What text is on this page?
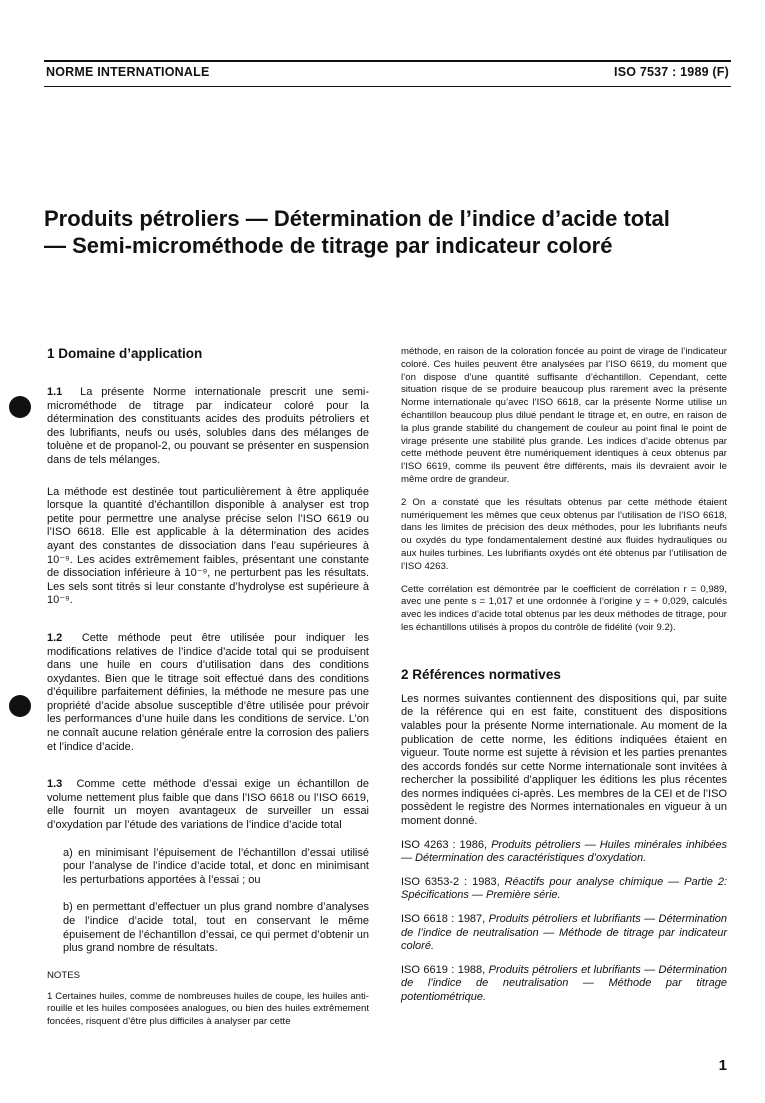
NORME INTERNATIONALE	ISO 7537 : 1989 (F)
Produits pétroliers — Détermination de l’indice d’acide total — Semi-microméthode de titrage par indicateur coloré

1 Domaine d’application

1.1 La présente Norme internationale prescrit une semi-microméthode de titrage par indicateur coloré pour la détermination des constituants acides des produits pétroliers et des lubrifiants, neufs ou usés, solubles dans des mélanges de toluène et de propanol-2, ou pouvant se présenter en suspension dans de tels mélanges.

La méthode est destinée tout particulièrement à être appliquée lorsque la quantité d’échantillon disponible à analyser est trop petite pour permettre une analyse précise selon l’ISO 6619 ou l’ISO 6618. Elle est applicable à la détermination des acides ayant des constantes de dissociation dans l’eau supérieures à 10⁻⁹. Les acides extrêmement faibles, présentant une constante de dissociation inférieure à 10⁻⁹, ne perturbent pas les résultats. Les sels sont titrés si leur constante d’hydrolyse est supérieure à 10⁻⁹.

1.2 Cette méthode peut être utilisée pour indiquer les modifications relatives de l’indice d’acide total qui se produisent dans une huile en cours d’utilisation dans des conditions oxydantes. Bien que le titrage soit effectué dans des conditions d’équilibre parfaitement définies, la méthode ne mesure pas une propriété d’acide absolue susceptible d’être utilisée pour prévoir les performances d’une huile dans les conditions de service. L’on ne connaît aucune relation générale entre la corrosion des paliers et l’indice d’acide.

1.3 Comme cette méthode d’essai exige un échantillon de volume nettement plus faible que dans l’ISO 6618 ou l’ISO 6619, elle fournit un moyen avantageux de surveiller un essai d’oxydation par l’étude des variations de l’indice d’acide total

a) en minimisant l’épuisement de l’échantillon d’essai utilisé pour l’analyse de l’indice d’acide total, et donc en minimisant les perturbations apportées à l’essai ; ou

b) en permettant d’effectuer un plus grand nombre d’analyses de l’indice d’acide total, tout en conservant le même épuisement de l’échantillon d’essai, ce qui permet d’obtenir un plus grand nombre de résultats.

NOTES

1 Certaines huiles, comme de nombreuses huiles de coupe, les huiles anti-rouille et les huiles composées analogues, ou bien des huiles extrêmement foncées, risquent d’être plus difficiles à analyser par cette

méthode, en raison de la coloration foncée au point de virage de l’indicateur coloré. Ces huiles peuvent être analysées par l’ISO 6619, du moment que l’on dispose d’une quantité suffisante d’échantillon. Cependant, cette situation risque de se produire beaucoup plus rarement avec la présente Norme internationale qu’avec l’ISO 6618, car la présente Norme utilise un échantillon beaucoup plus dilué pendant le titrage et, en outre, en raison de la plus grande stabilité du changement de couleur au point final le point de virage présente une stabilité plus grande. Les indices d’acide obtenus par cette méthode peuvent être numériquement identiques à ceux obtenus par l’ISO 6619, comme ils peuvent être différents, mais ils devraient avoir le même ordre de grandeur.

2 On a constaté que les résultats obtenus par cette méthode étaient numériquement les mêmes que ceux obtenus par l’utilisation de l’ISO 6618, dans les limites de précision des deux méthodes, pour les lubrifiants neufs ou oxydés du type fondamentalement destiné aux fluides hydrauliques ou aux huiles turbines. Les lubrifiants oxydés ont été obtenus par l’utilisation de l’ISO 4263.

Cette corrélation est démontrée par le coefficient de corrélation r = 0,989, avec une pente s = 1,017 et une ordonnée à l’origine y = + 0,029, calculés avec les indices d’acide total obtenus par les deux méthodes de titrage, pour les échantillons utilisés à propos du contrôle de fidélité (voir 9.2).

2 Références normatives

Les normes suivantes contiennent des dispositions qui, par suite de la référence qui en est faite, constituent des dispositions valables pour la présente Norme internationale. Au moment de la publication de cette norme, les éditions indiquées étaient en vigueur. Toute norme est sujette à révision et les parties prenantes des accords fondés sur cette Norme internationale sont invitées à rechercher la possibilité d’appliquer les éditions les plus récentes des normes indiquées ci-après. Les membres de la CEI et de l’ISO possèdent le registre des Normes internationales en vigueur à un moment donné.

ISO 4263 : 1986, Produits pétroliers — Huiles minérales inhibées — Détermination des caractéristiques d’oxydation.

ISO 6353-2 : 1983, Réactifs pour analyse chimique — Partie 2: Spécifications — Première série.

ISO 6618 : 1987, Produits pétroliers et lubrifiants — Détermination de l’indice de neutralisation — Méthode de titrage par indicateur coloré.

ISO 6619 : 1988, Produits pétroliers et lubrifiants — Détermination de l’indice de neutralisation — Méthode par titrage potentiométrique.

1
